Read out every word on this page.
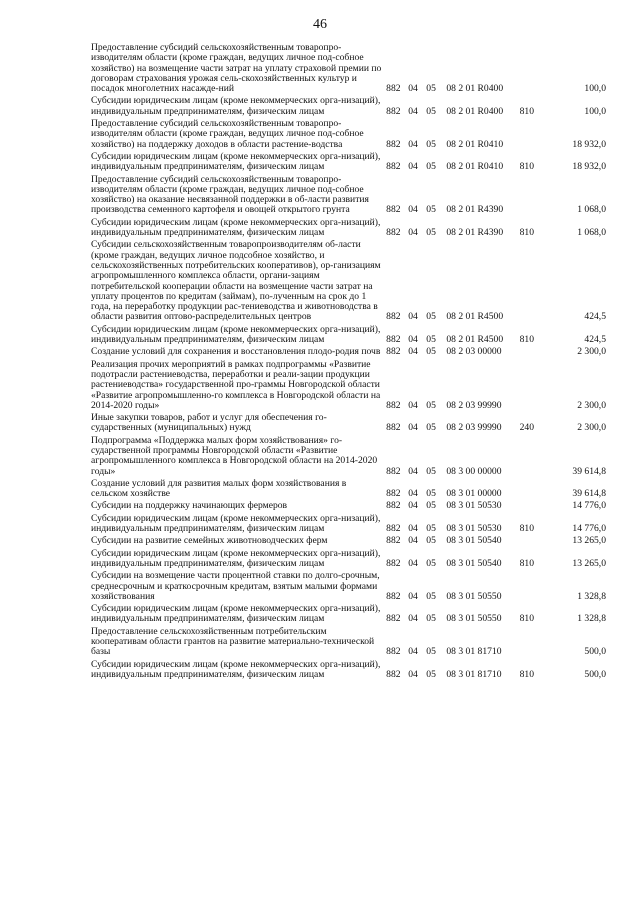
46
Предоставление субсидий сельскохозяйственным товаропро-изводителям области (кроме граждан, ведущих личное под-собное хозяйство) на возмещение части затрат на уплату страховой премии по договорам страхования урожая сель-скохозяйственных культур и посадок многолетних насажде-ний	882	04	05	08 2 01 R0400		100,0
Субсидии юридическим лицам (кроме некоммерческих орга-низаций), индивидуальным предпринимателям, физическим лицам	882	04	05	08 2 01 R0400	810	100,0
Предоставление субсидий сельскохозяйственным товаропро-изводителям области (кроме граждан, ведущих личное под-собное хозяйство) на поддержку доходов в области растение-водства	882	04	05	08 2 01 R0410		18 932,0
Субсидии юридическим лицам (кроме некоммерческих орга-низаций), индивидуальным предпринимателям, физическим лицам	882	04	05	08 2 01 R0410	810	18 932,0
Предоставление субсидий сельскохозяйственным товаропро-изводителям области (кроме граждан, ведущих личное под-собное хозяйство) на оказание несвязанной поддержки в об-ласти развития производства семенного картофеля и овощей открытого грунта	882	04	05	08 2 01 R4390		1 068,0
Субсидии юридическим лицам (кроме некоммерческих орга-низаций), индивидуальным предпринимателям, физическим лицам	882	04	05	08 2 01 R4390	810	1 068,0
Субсидии сельскохозяйственным товаропроизводителям об-ласти (кроме граждан, ведущих личное подсобное хозяйство, и сельскохозяйственных потребительских кооперативов), ор-ганизациям агропромышленного комплекса области, органи-зациям потребительской кооперации области на возмещение части затрат на уплату процентов по кредитам (займам), по-лученным на срок до 1 года, на переработку продукции рас-тениеводства и животноводства в области развития оптово-распределительных центров	882	04	05	08 2 01 R4500		424,5
Субсидии юридическим лицам (кроме некоммерческих орга-низаций), индивидуальным предпринимателям, физическим лицам	882	04	05	08 2 01 R4500	810	424,5
Создание условий для сохранения и восстановления плодо-родия почв	882	04	05	08 2 03 00000		2 300,0
Реализация прочих мероприятий в рамках подпрограммы «Развитие подотрасли растениеводства, переработки и реали-зации продукции растениеводства» государственной про-граммы Новгородской области «Развитие агропромышленно-го комплекса в Новгородской области на 2014-2020 годы»	882	04	05	08 2 03 99990		2 300,0
Иные закупки товаров, работ и услуг для обеспечения го-сударственных (муниципальных) нужд	882	04	05	08 2 03 99990	240	2 300,0
Подпрограмма «Поддержка малых форм хозяйствования» го-сударственной программы Новгородской области «Развитие агропромышленного комплекса в Новгородской области на 2014-2020 годы»	882	04	05	08 3 00 00000		39 614,8
Создание условий для развития малых форм хозяйствования в сельском хозяйстве	882	04	05	08 3 01 00000		39 614,8
Субсидии на поддержку начинающих фермеров	882	04	05	08 3 01 50530		14 776,0
Субсидии юридическим лицам (кроме некоммерческих орга-низаций), индивидуальным предпринимателям, физическим лицам	882	04	05	08 3 01 50530	810	14 776,0
Субсидии на развитие семейных животноводческих ферм	882	04	05	08 3 01 50540		13 265,0
Субсидии юридическим лицам (кроме некоммерческих орга-низаций), индивидуальным предпринимателям, физическим лицам	882	04	05	08 3 01 50540	810	13 265,0
Субсидии на возмещение части процентной ставки по долго-срочным, среднесрочным и краткосрочным кредитам, взятым малыми формами хозяйствования	882	04	05	08 3 01 50550		1 328,8
Субсидии юридическим лицам (кроме некоммерческих орга-низаций), индивидуальным предпринимателям, физическим лицам	882	04	05	08 3 01 50550	810	1 328,8
Предоставление сельскохозяйственным потребительским кооперативам области грантов на развитие материально-технической базы	882	04	05	08 3 01 81710		500,0
Субсидии юридическим лицам (кроме некоммерческих орга-низаций), индивидуальным предпринимателям, физическим лицам	882	04	05	08 3 01 81710	810	500,0
